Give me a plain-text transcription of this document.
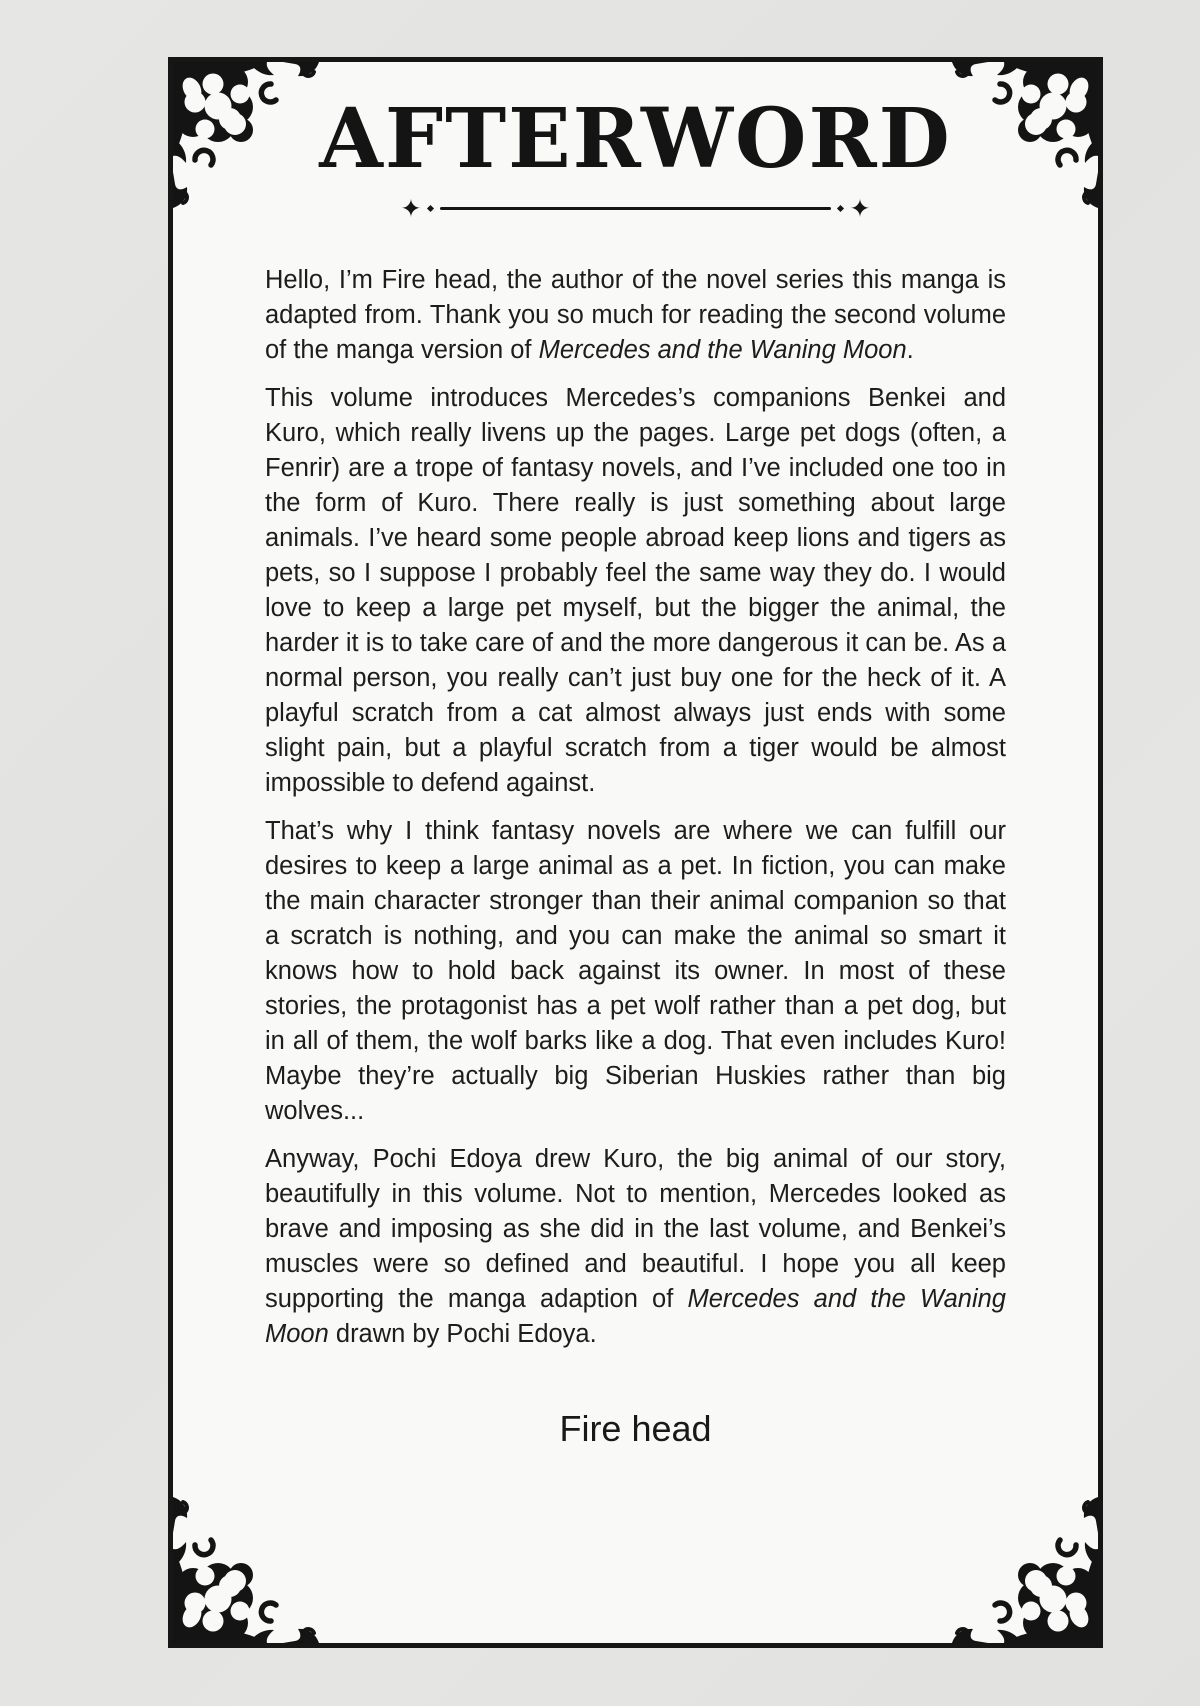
AFTERWORD
✦	✦

Hello, I’m Fire head, the author of the novel series this manga is adapted from. Thank you so much for reading the second volume of the manga version of Mercedes and the Waning Moon.

This volume introduces Mercedes’s companions Benkei and Kuro, which really livens up the pages. Large pet dogs (often, a Fenrir) are a trope of fantasy novels, and I’ve included one too in the form of Kuro. There really is just something about large animals. I’ve heard some people abroad keep lions and tigers as pets, so I suppose I probably feel the same way they do. I would love to keep a large pet myself, but the bigger the animal, the harder it is to take care of and the more dangerous it can be. As a normal person, you really can’t just buy one for the heck of it. A playful scratch from a cat almost always just ends with some slight pain, but a playful scratch from a tiger would be almost impossible to defend against.

That’s why I think fantasy novels are where we can fulfill our desires to keep a large animal as a pet. In fiction, you can make the main character stronger than their animal companion so that a scratch is nothing, and you can make the animal so smart it knows how to hold back against its owner. In most of these stories, the protagonist has a pet wolf rather than a pet dog, but in all of them, the wolf barks like a dog. That even includes Kuro! Maybe they’re actually big Siberian Huskies rather than big wolves...

Anyway, Pochi Edoya drew Kuro, the big animal of our story, beautifully in this volume. Not to mention, Mercedes looked as brave and imposing as she did in the last volume, and Benkei’s muscles were so defined and beautiful. I hope you all keep supporting the manga adaption of Mercedes and the Waning Moon drawn by Pochi Edoya.

Fire head
